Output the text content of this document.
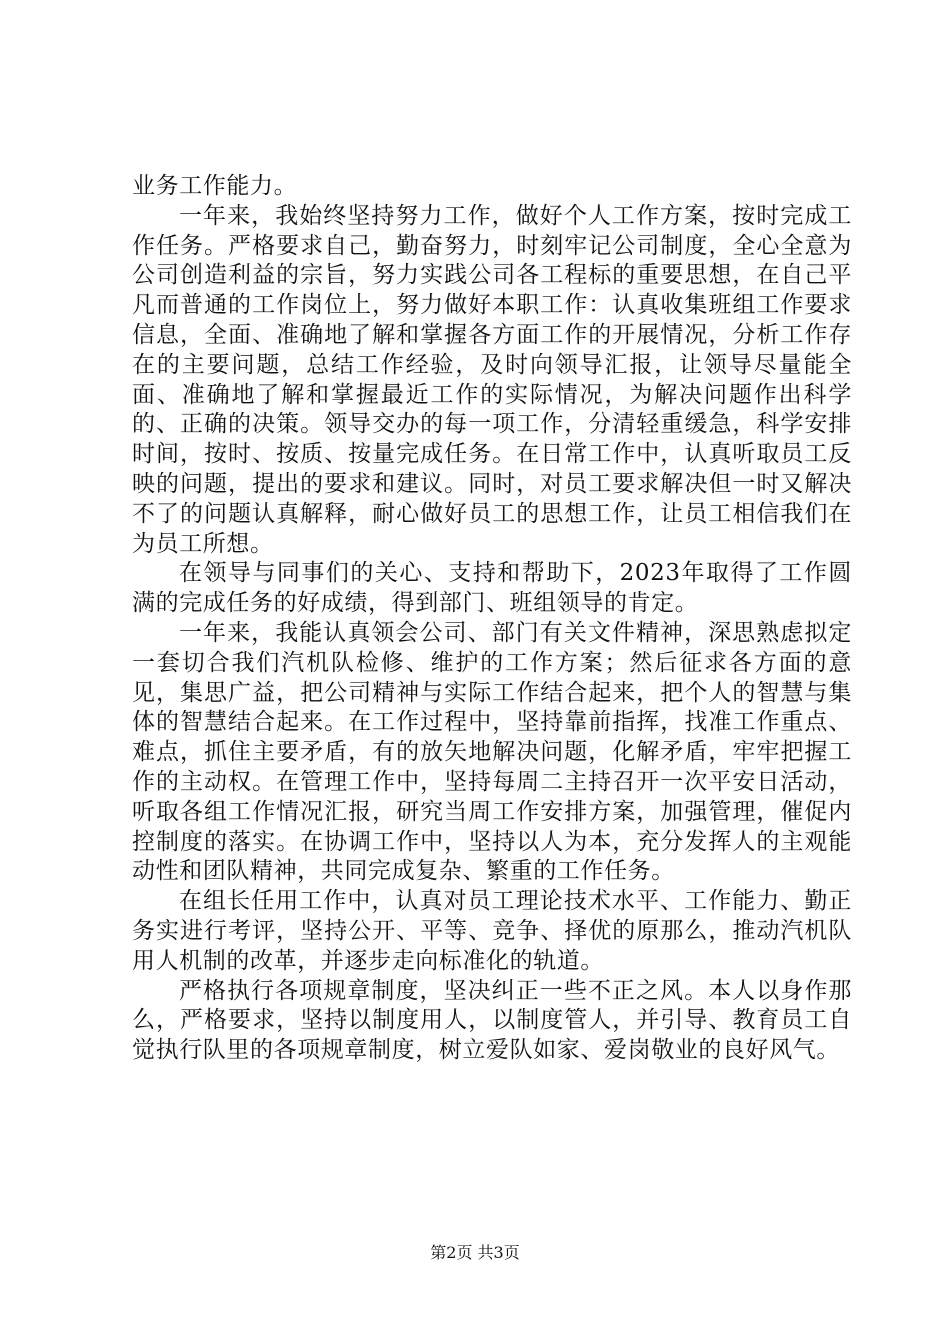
业务工作能力。

一年来，我始终坚持努力工作，做好个人工作方案，按时完成工作任务。严格要求自己，勤奋努力，时刻牢记公司制度，全心全意为公司创造利益的宗旨，努力实践公司各工程标的重要思想，在自己平凡而普通的工作岗位上，努力做好本职工作：认真收集班组工作要求信息，全面、准确地了解和掌握各方面工作的开展情况，分析工作存在的主要问题，总结工作经验，及时向领导汇报，让领导尽量能全面、准确地了解和掌握最近工作的实际情况，为解决问题作出科学的、正确的决策。领导交办的每一项工作，分清轻重缓急，科学安排时间，按时、按质、按量完成任务。在日常工作中，认真听取员工反映的问题，提出的要求和建议。同时，对员工要求解决但一时又解决不了的问题认真解释，耐心做好员工的思想工作，让员工相信我们在为员工所想。

在领导与同事们的关心、支持和帮助下，2023年取得了工作圆满的完成任务的好成绩，得到部门、班组领导的肯定。

一年来，我能认真领会公司、部门有关文件精神，深思熟虑拟定一套切合我们汽机队检修、维护的工作方案；然后征求各方面的意见，集思广益，把公司精神与实际工作结合起来，把个人的智慧与集体的智慧结合起来。在工作过程中，坚持靠前指挥，找准工作重点、难点，抓住主要矛盾，有的放矢地解决问题，化解矛盾，牢牢把握工作的主动权。在管理工作中，坚持每周二主持召开一次平安日活动，听取各组工作情况汇报，研究当周工作安排方案，加强管理，催促内控制度的落实。在协调工作中，坚持以人为本，充分发挥人的主观能动性和团队精神，共同完成复杂、繁重的工作任务。

在组长任用工作中，认真对员工理论技术水平、工作能力、勤正务实进行考评，坚持公开、平等、竞争、择优的原那么，推动汽机队用人机制的改革，并逐步走向标准化的轨道。

严格执行各项规章制度，坚决纠正一些不正之风。本人以身作那么，严格要求，坚持以制度用人，以制度管人，并引导、教育员工自觉执行队里的各项规章制度，树立爱队如家、爱岗敬业的良好风气。

第2页 共3页
